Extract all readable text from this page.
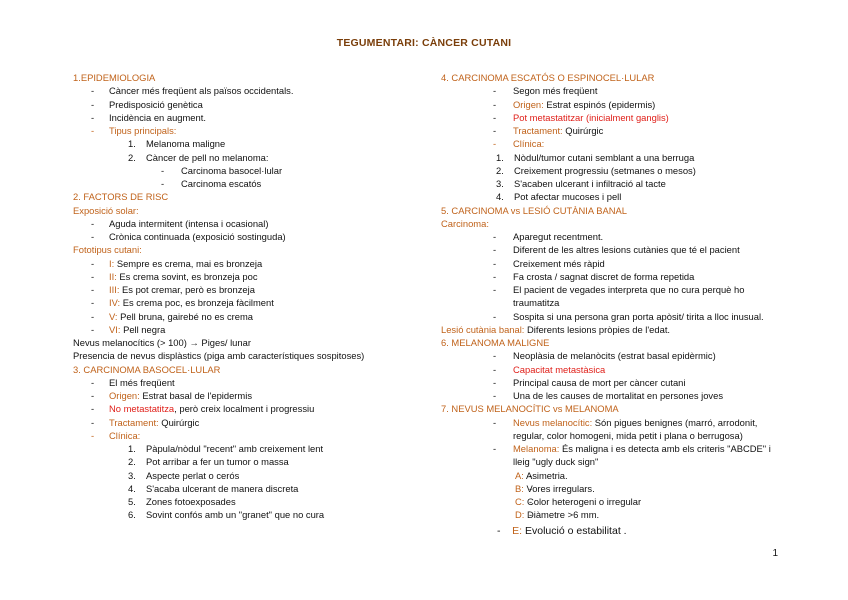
TEGUMENTARI: CÀNCER CUTANI
1.EPIDEMIOLOGIA
- Càncer més freqüent als països occidentals.
- Predisposició genètica
- Incidència en augment.
- Tipus principals:
1. Melanoma maligne
2. Càncer de pell no melanoma:
- Carcinoma basocel·lular
- Carcinoma escatós
2. FACTORS DE RISC
Exposició solar:
- Aguda intermitent (intensa i ocasional)
- Crònica continuada (exposició sostinguda)
Fototipus cutani:
- I: Sempre es crema, mai es bronzeja
- II: Es crema sovint, es bronzeja poc
- III: Es pot cremar, però es bronzeja
- IV: Es crema poc, es bronzeja fàcilment
- V: Pell bruna, gairebé no es crema
- VI: Pell negra
Nevus melanocítics (> 100) → Piges/ lunar
Presencia de nevus displàstics (piga amb característiques sospitoses)
3. CARCINOMA BASOCEL·LULAR
- El més freqüent
- Origen: Estrat basal de l'epidermis
- No metastatitza, però creix localment i progressiu
- Tractament: Quirúrgic
- Clínica:
1. Pàpula/nòdul "recent" amb creixement lent
2. Pot arribar a fer un tumor o massa
3. Aspecte perlat o cerós
4. S'acaba ulcerant de manera discreta
5. Zones fotoexposades
6. Sovint confós amb un "granet" que no cura
4. CARCINOMA ESCATÓS O ESPINOCEL·LULAR
- Segon més freqüent
- Origen: Estrat espinós (epidermis)
- Pot metastatitzar (inicialment ganglis)
- Tractament: Quirúrgic
- Clínica:
1. Nòdul/tumor cutani semblant a una berruga
2. Creixement progressiu (setmanes o mesos)
3. S'acaben ulcerant i infiltració al tacte
4. Pot afectar mucoses i pell
5. CARCINOMA vs LESIÓ CUTÀNIA BANAL
Carcinoma:
- Aparegut recentment.
- Diferent de les altres lesions cutànies que té el pacient
- Creixement més ràpid
- Fa crosta / sagnat discret de forma repetida
- El pacient de vegades interpreta que no cura perquè ho
traumatitza
- Sospita si una persona gran porta apòsit/ tirita a lloc inusual.
Lesió cutània banal: Diferents lesions pròpies de l'edat.
6. MELANOMA MALIGNE
- Neoplàsia de melanòcits (estrat basal epidèrmic)
- Capacitat metastàsica
- Principal causa de mort per càncer cutani
- Una de les causes de mortalitat en persones joves
7. NEVUS MELANOCÍTIC vs MELANOMA
- Nevus melanocític: Són pigues benignes (marró, arrodonit,
regular, color homogeni, mida petit i plana o berrugosa)
- Melanoma: És maligna i es detecta amb els criteris "ABCDE" i
lleig "ugly duck sign"
- A: Asimetria.
- B: Vores irregulars.
- C: Color heterogeni o irregular
- D: Diàmetre >6 mm.
-    E: Evolució o estabilitat .
1
